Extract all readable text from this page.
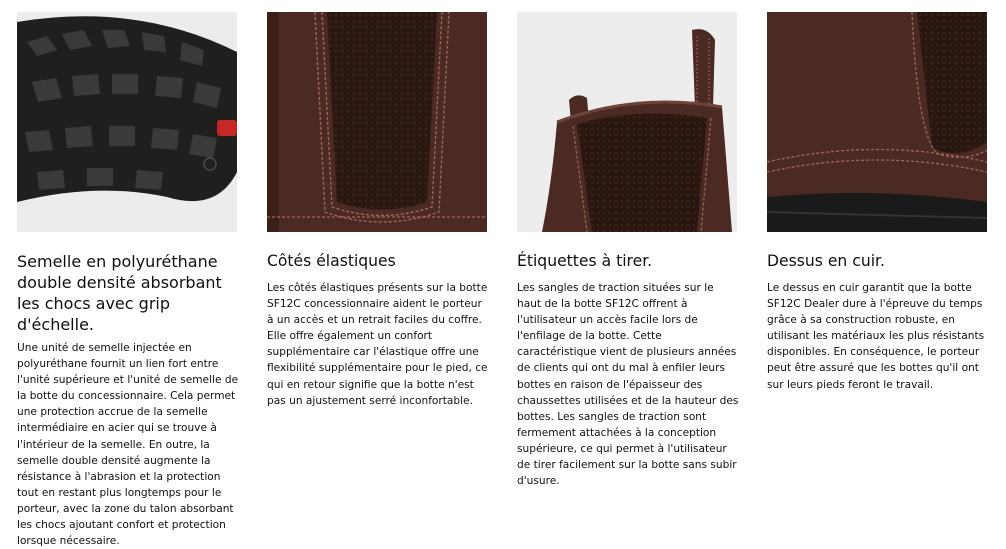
Semelle en polyuréthane double densité absorbant les chocs avec grip d'échelle.

Une unité de semelle injectée en polyuréthane fournit un lien fort entre l'unité supérieure et l'unité de semelle de la botte du concessionnaire. Cela permet une protection accrue de la semelle intermédiaire en acier qui se trouve à l'intérieur de la semelle. En outre, la semelle double densité augmente la résistance à l'abrasion et la protection tout en restant plus longtemps pour le porteur, avec la zone du talon absorbant les chocs ajoutant confort et protection lorsque nécessaire.

Côtés élastiques

Les côtés élastiques présents sur la botte SF12C concessionnaire aident le porteur à un accès et un retrait faciles du coffre. Elle offre également un confort supplémentaire car l'élastique offre une flexibilité supplémentaire pour le pied, ce qui en retour signifie que la botte n'est pas un ajustement serré inconfortable.

Étiquettes à tirer.

Les sangles de traction situées sur le haut de la botte SF12C offrent à l'utilisateur un accès facile lors de l'enfilage de la botte. Cette caractéristique vient de plusieurs années de clients qui ont du mal à enfiler leurs bottes en raison de l'épaisseur des chaussettes utilisées et de la hauteur des bottes. Les sangles de traction sont fermement attachées à la conception supérieure, ce qui permet à l'utilisateur de tirer facilement sur la botte sans subir d'usure.

Dessus en cuir.

Le dessus en cuir garantit que la botte SF12C Dealer dure à l'épreuve du temps grâce à sa construction robuste, en utilisant les matériaux les plus résistants disponibles. En conséquence, le porteur peut être assuré que les bottes qu'il ont sur leurs pieds feront le travail.
